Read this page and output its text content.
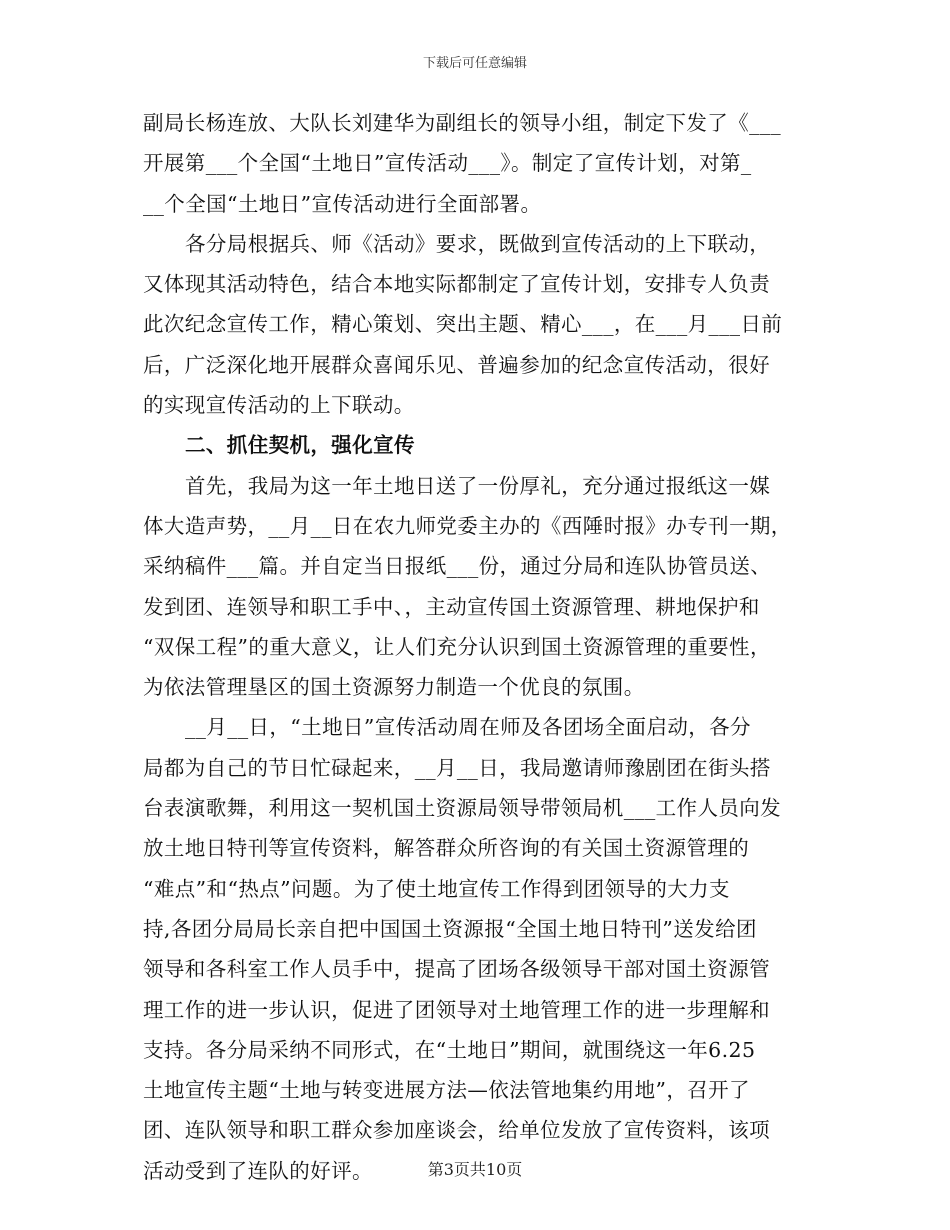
下载后可任意编辑
副局长杨连放、大队长刘建华为副组长的领导小组，制定下发了《___
开展第___个全国“土地日”宣传活动___》。制定了宣传计划，对第_
__个全国“土地日”宣传活动进行全面部署。
各分局根据兵、师《活动》要求，既做到宣传活动的上下联动，
又体现其活动特色，结合本地实际都制定了宣传计划，安排专人负责
此次纪念宣传工作，精心策划、突出主题、精心___，在___月___日前
后，广泛深化地开展群众喜闻乐见、普遍参加的纪念宣传活动，很好
的实现宣传活动的上下联动。
二、抓住契机，强化宣传
首先，我局为这一年土地日送了一份厚礼，充分通过报纸这一媒
体大造声势，__月__日在农九师党委主办的《西陲时报》办专刊一期，
采纳稿件___篇。并自定当日报纸___份，通过分局和连队协管员送、
发到团、连领导和职工手中、，主动宣传国土资源管理、耕地保护和
“双保工程”的重大意义，让人们充分认识到国土资源管理的重要性，
为依法管理垦区的国土资源努力制造一个优良的氛围。
__月__日，“土地日”宣传活动周在师及各团场全面启动，各分
局都为自己的节日忙碌起来，__月__日，我局邀请师豫剧团在街头搭
台表演歌舞，利用这一契机国土资源局领导带领局机___工作人员向发
放土地日特刊等宣传资料，解答群众所咨询的有关国土资源管理的
“难点”和“热点”问题。为了使土地宣传工作得到团领导的大力支
持,各团分局局长亲自把中国国土资源报“全国土地日特刊”送发给团
领导和各科室工作人员手中，提高了团场各级领导干部对国土资源管
理工作的进一步认识，促进了团领导对土地管理工作的进一步理解和
支持。各分局采纳不同形式，在“土地日”期间，就围绕这一年6.25
土地宣传主题“土地与转变进展方法—依法管地集约用地”，召开了
团、连队领导和职工群众参加座谈会，给单位发放了宣传资料，该项
活动受到了连队的好评。	第3页共10页
